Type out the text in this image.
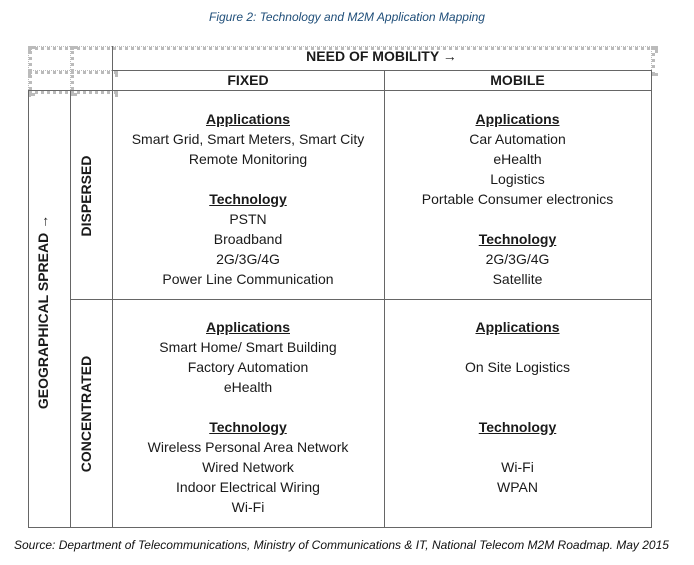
Figure 2: Technology and M2M Application Mapping
NEED OF MOBILITY →
FIXED	MOBILE
GEOGRAPHICAL SPREAD →
DISPERSED
CONCENTRATED
Applications
Smart Grid, Smart Meters, Smart City
Remote Monitoring
Technology
PSTN
Broadband
2G/3G/4G
Power Line Communication
Applications
Car Automation
eHealth
Logistics
Portable Consumer electronics
Technology
2G/3G/4G
Satellite
Applications
Smart Home/ Smart Building
Factory Automation
eHealth
Technology
Wireless Personal Area Network
Wired Network
Indoor Electrical Wiring
Wi-Fi
Applications
On Site Logistics
Technology
Wi-Fi
WPAN
Source: Department of Telecommunications, Ministry of Communications & IT, National Telecom M2M Roadmap. May 2015
